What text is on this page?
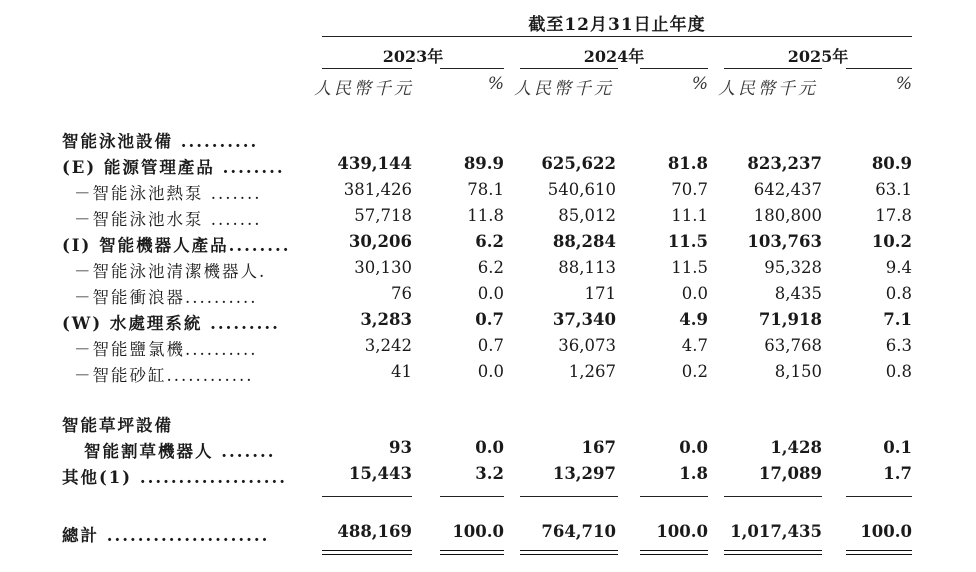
截至12月31日止年度
2023年	2024年	2025年
人民幣千元	% 人民幣千元	% 人民幣千元	%
智能泳池設備 ..........
(E) 能源管理產品 ........	439,144	89.9	625,622	81.8	823,237	80.9
－智能泳池熱泵 .......	381,426	78.1	540,610	70.7	642,437	63.1
－智能泳池水泵 .......	57,718	11.8	85,012	11.1	180,800	17.8
(I) 智能機器人產品........	30,206	6.2	88,284	11.5	103,763	10.2
－智能泳池清潔機器人.	30,130	6.2	88,113	11.5	95,328	9.4
－智能衝浪器..........	76	0.0	171	0.0	8,435	0.8
(W) 水處理系統 .........	3,283	0.7	37,340	4.9	71,918	7.1
－智能鹽氯機..........	3,242	0.7	36,073	4.7	63,768	6.3
－智能砂缸............	41	0.0	1,267	0.2	8,150	0.8
智能草坪設備
智能割草機器人 .......	93	0.0	167	0.0	1,428	0.1
其他(1) ...................	15,443	3.2	13,297	1.8	17,089	1.7
總計 .....................	488,169	100.0	764,710	100.0	1,017,435	100.0
